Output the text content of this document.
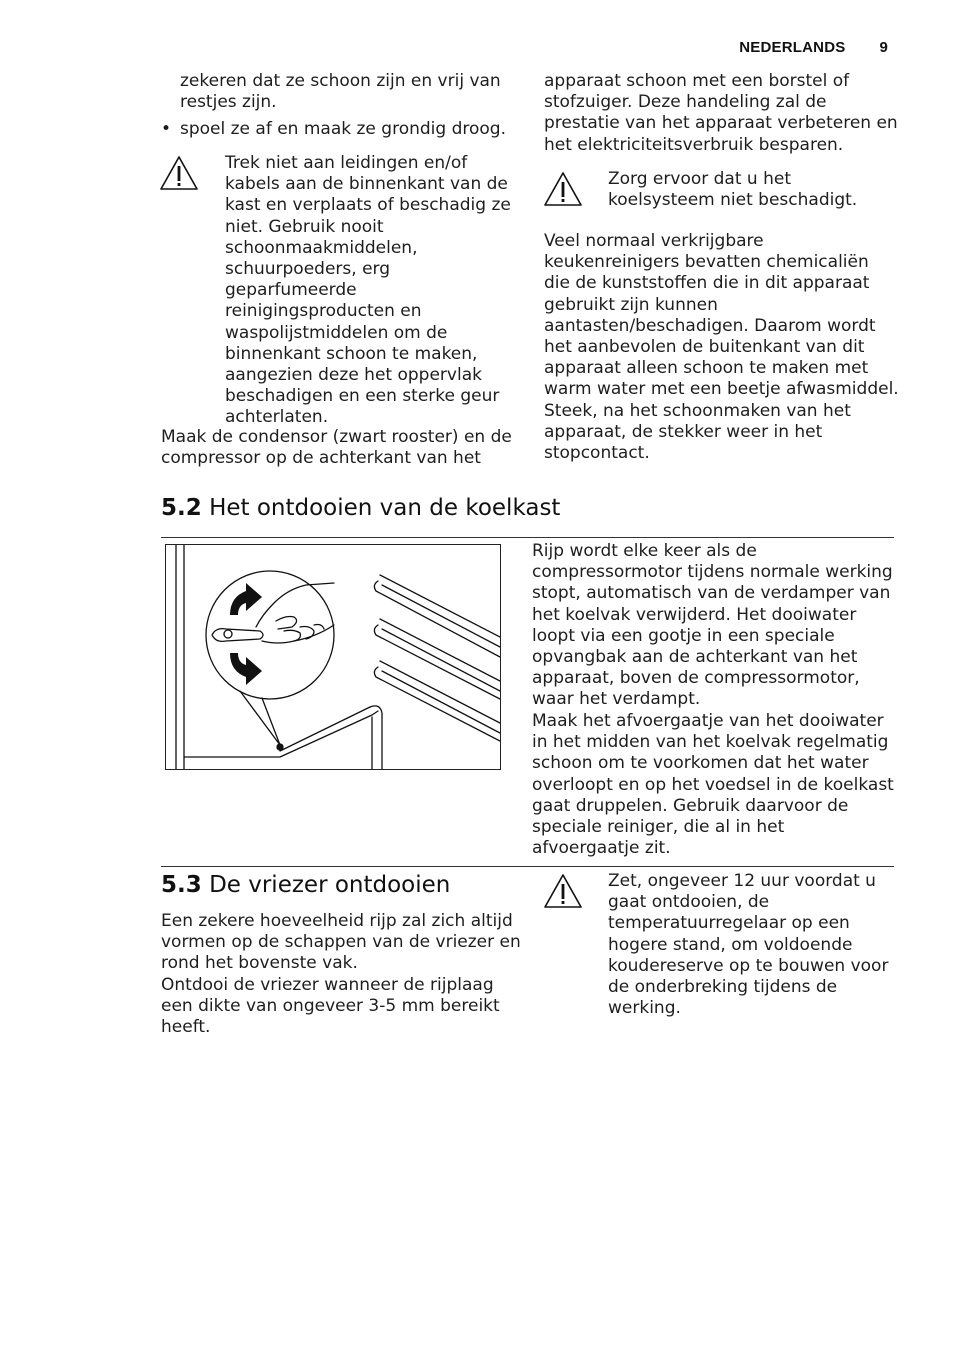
NEDERLANDS 9

zekeren dat ze schoon zijn en vrij van restjes zijn.

• spoel ze af en maak ze grondig droog.

Trek niet aan leidingen en/of kabels aan de binnenkant van de kast en verplaats of beschadig ze niet. Gebruik nooit schoonmaakmiddelen, schuurpoeders, erg geparfumeerde reinigingsproducten en waspolijstmiddelen om de binnenkant schoon te maken, aangezien deze het oppervlak beschadigen en een sterke geur achterlaten.

Maak de condensor (zwart rooster) en de compressor op de achterkant van het

apparaat schoon met een borstel of stofzuiger. Deze handeling zal de prestatie van het apparaat verbeteren en het elektriciteitsverbruik besparen.

Zorg ervoor dat u het koelsysteem niet beschadigt.

Veel normaal verkrijgbare keukenreinigers bevatten chemicaliën die de kunststoffen die in dit apparaat gebruikt zijn kunnen aantasten/beschadigen. Daarom wordt het aanbevolen de buitenkant van dit apparaat alleen schoon te maken met warm water met een beetje afwasmiddel.

Steek, na het schoonmaken van het apparaat, de stekker weer in het stopcontact.

5.2 Het ontdooien van de koelkast

Rijp wordt elke keer als de compressormotor tijdens normale werking stopt, automatisch van de verdamper van het koelvak verwijderd. Het dooiwater loopt via een gootje in een speciale opvangbak aan de achterkant van het apparaat, boven de compressormotor, waar het verdampt.

Maak het afvoergaatje van het dooiwater in het midden van het koelvak regelmatig schoon om te voorkomen dat het water overloopt en op het voedsel in de koelkast gaat druppelen. Gebruik daarvoor de speciale reiniger, die al in het afvoergaatje zit.

5.3 De vriezer ontdooien

Een zekere hoeveelheid rijp zal zich altijd vormen op de schappen van de vriezer en rond het bovenste vak.

Ontdooi de vriezer wanneer de rijplaag een dikte van ongeveer 3-5 mm bereikt heeft.

Zet, ongeveer 12 uur voordat u gaat ontdooien, de temperatuurregelaar op een hogere stand, om voldoende koudereserve op te bouwen voor de onderbreking tijdens de werking.
